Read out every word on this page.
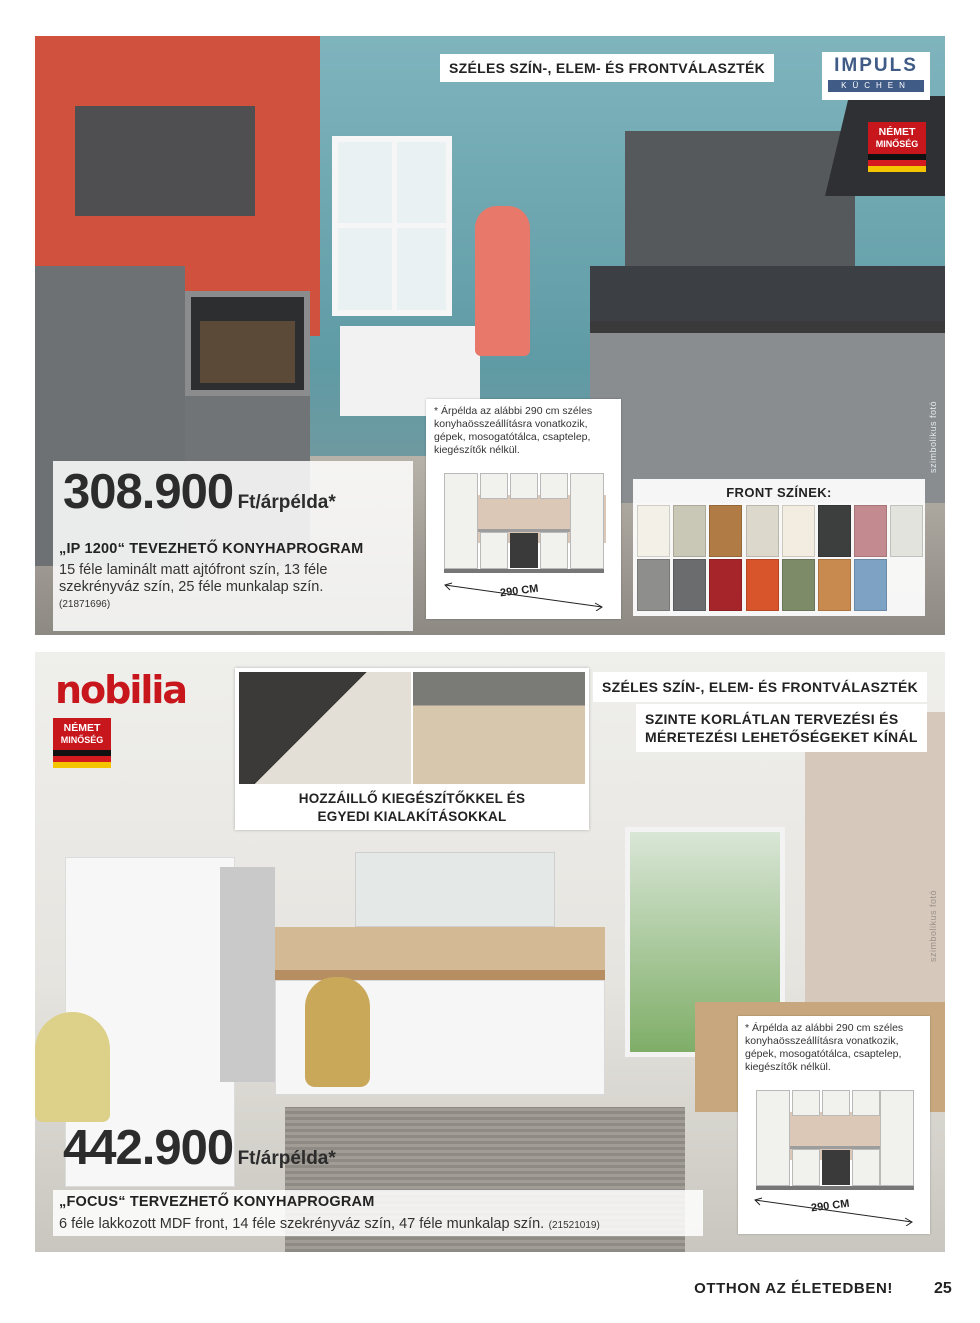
SZÉLES SZÍN-, ELEM- ÉS FRONTVÁLASZTÉK	IMPULS
KÜCHEN
NÉMET
MINŐSÉG
szimbolikus fotó
308.900 Ft/árpélda*
„IP 1200“ TEVEZHETŐ KONYHAPROGRAM
15 féle laminált matt ajtófront szín, 13 féle szekrényváz szín, 25 féle munkalap szín.
(21871696)
* Árpélda az alábbi 290 cm széles konyhaösszeállításra vonatkozik, gépek, mosogatótálca, csaptelep, kiegészítők nélkül.
290 CM
FRONT SZÍNEK:
nobilia
NÉMET
MINŐSÉG
HOZZÁILLŐ KIEGÉSZÍTŐKKEL ÉS
EGYEDI KIALAKÍTÁSOKKAL
SZÉLES SZÍN-, ELEM- ÉS FRONTVÁLASZTÉK
SZINTE KORLÁTLAN TERVEZÉSI ÉS
MÉRETEZÉSI LEHETŐSÉGEKET KÍNÁL
szimbolikus fotó
442.900 Ft/árpélda*
„FOCUS“ TERVEZHETŐ KONYHAPROGRAM
6 féle lakkozott MDF front, 14 féle szekrényváz szín, 47 féle munkalap szín. (21521019)
* Árpélda az alábbi 290 cm széles konyhaösszeállításra vonatkozik, gépek, mosogatótálca, csaptelep, kiegészítők nélkül.
290 CM
OTTHON AZ ÉLETEDBEN!	25
